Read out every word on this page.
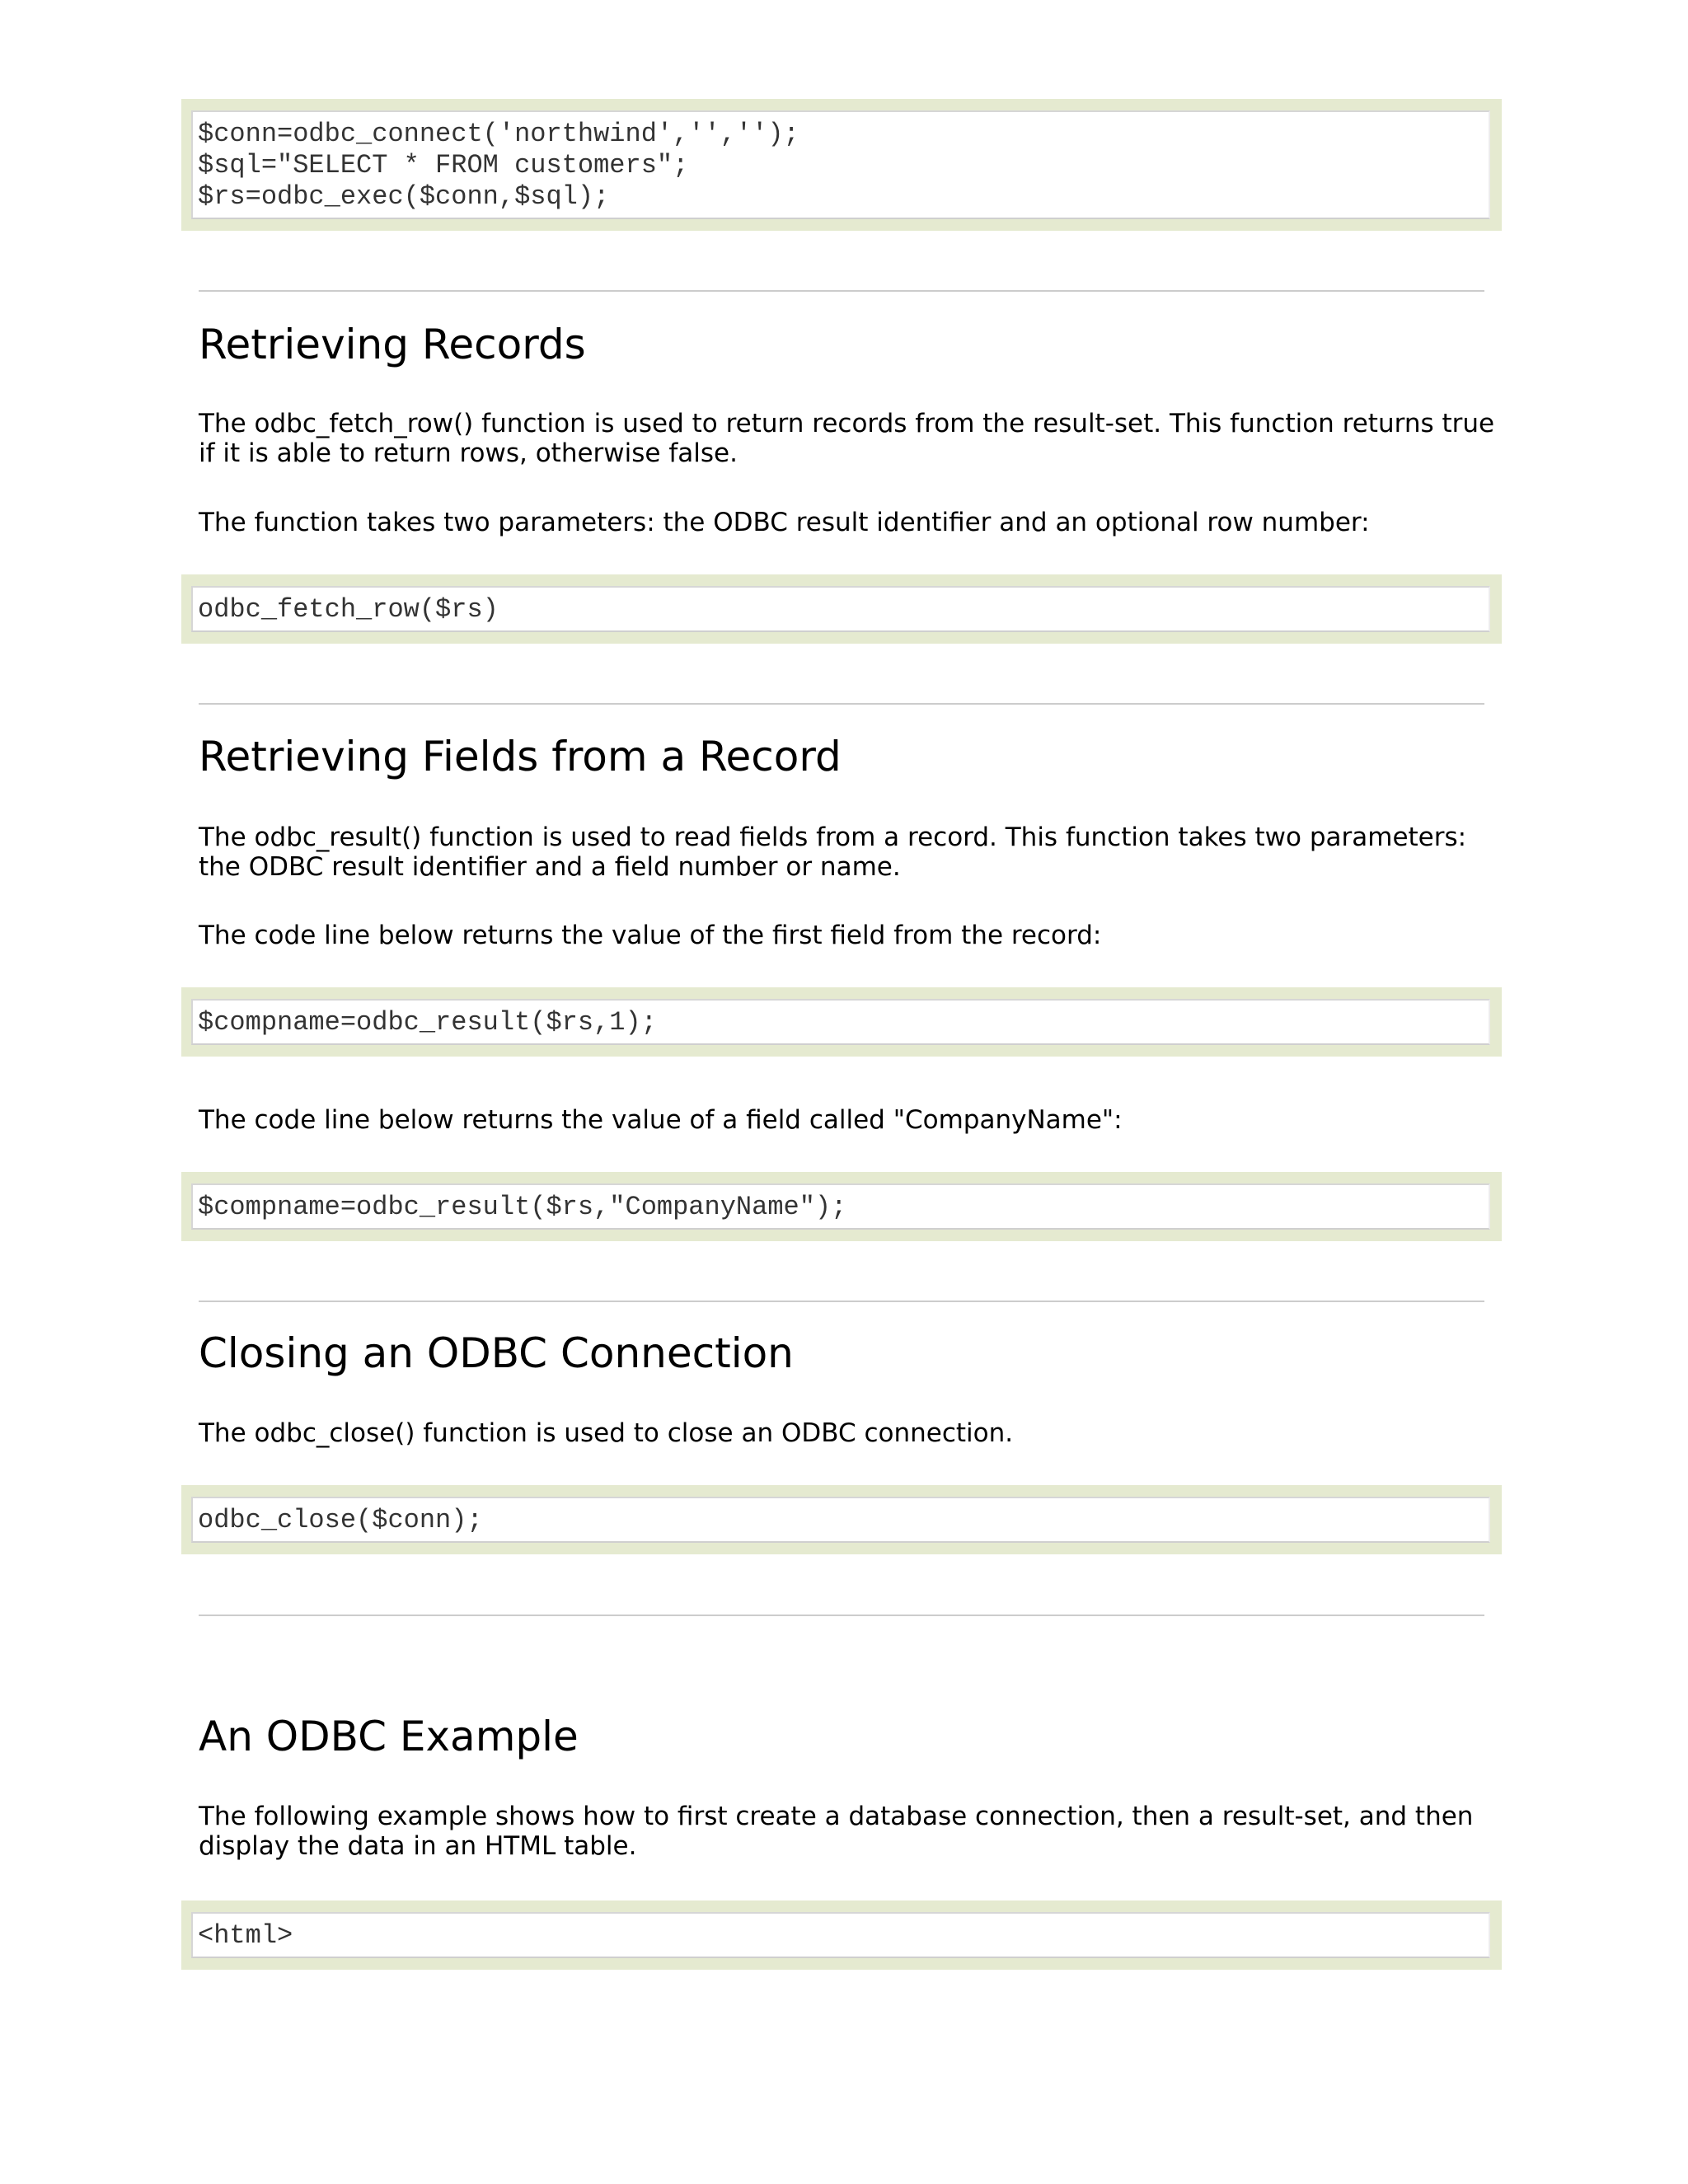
$conn=odbc_connect('northwind','','');
$sql="SELECT * FROM customers";
$rs=odbc_exec($conn,$sql);
Retrieving Records

The odbc_fetch_row() function is used to return records from the result-set. This function returns true if it is able to return rows, otherwise false.

The function takes two parameters: the ODBC result identifier and an optional row number:

odbc_fetch_row($rs)
Retrieving Fields from a Record

The odbc_result() function is used to read fields from a record. This function takes two parameters: the ODBC result identifier and a field number or name.

The code line below returns the value of the first field from the record:

$compname=odbc_result($rs,1);

The code line below returns the value of a field called "CompanyName":

$compname=odbc_result($rs,"CompanyName");
Closing an ODBC Connection

The odbc_close() function is used to close an ODBC connection.

odbc_close($conn);
An ODBC Example

The following example shows how to first create a database connection, then a result-set, and then display the data in an HTML table.

<html>
